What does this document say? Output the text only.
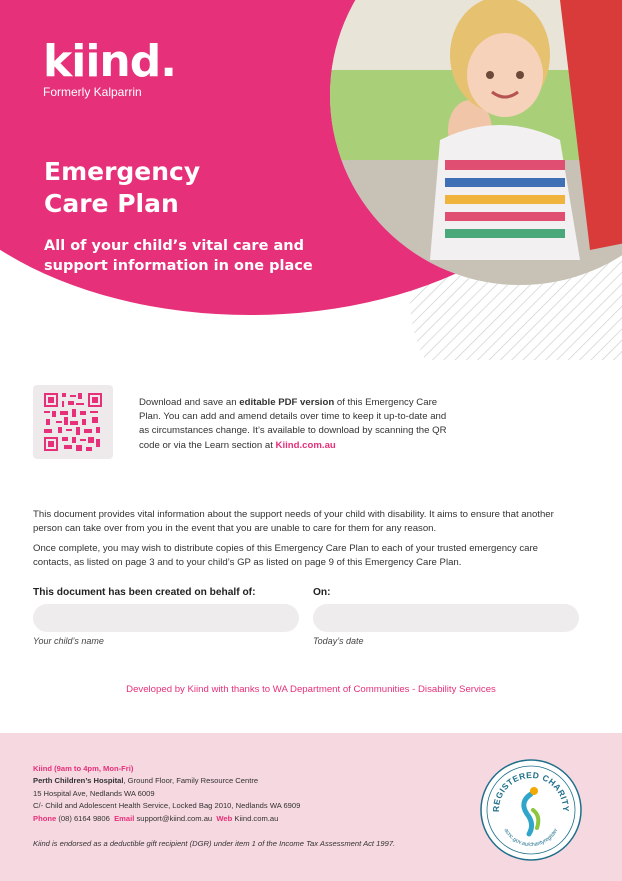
kiind.
Formerly Kalparrin
Emergency Care Plan
All of your child’s vital care and support information in one place
Download and save an editable PDF version of this Emergency Care Plan. You can add and amend details over time to keep it up-to-date and as circumstances change. It’s available to download by scanning the QR code or via the Learn section at Kiind.com.au
This document provides vital information about the support needs of your child with disability. It aims to ensure that another person can take over from you in the event that you are unable to care for them for any reason.
Once complete, you may wish to distribute copies of this Emergency Care Plan to each of your trusted emergency care contacts, as listed on page 3 and to your child’s GP as listed on page 9 of this Emergency Care Plan.
This document has been created on behalf of:	On:
Your child’s name	Today’s date
Developed by Kiind with thanks to WA Department of Communities - Disability Services
Kiind (9am to 4pm, Mon-Fri)
Perth Children’s Hospital, Ground Floor, Family Resource Centre
15 Hospital Ave, Nedlands WA 6009
C/- Child and Adolescent Health Service, Locked Bag 2010, Nedlands WA 6909
Phone (08) 6164 9806 Email support@kiind.com.au Web Kiind.com.au
Kiind is endorsed as a deductible gift recipient (DGR) under item 1 of the Income Tax Assessment Act 1997.
REGISTERED CHARITY
acnc.gov.au/charityregister
